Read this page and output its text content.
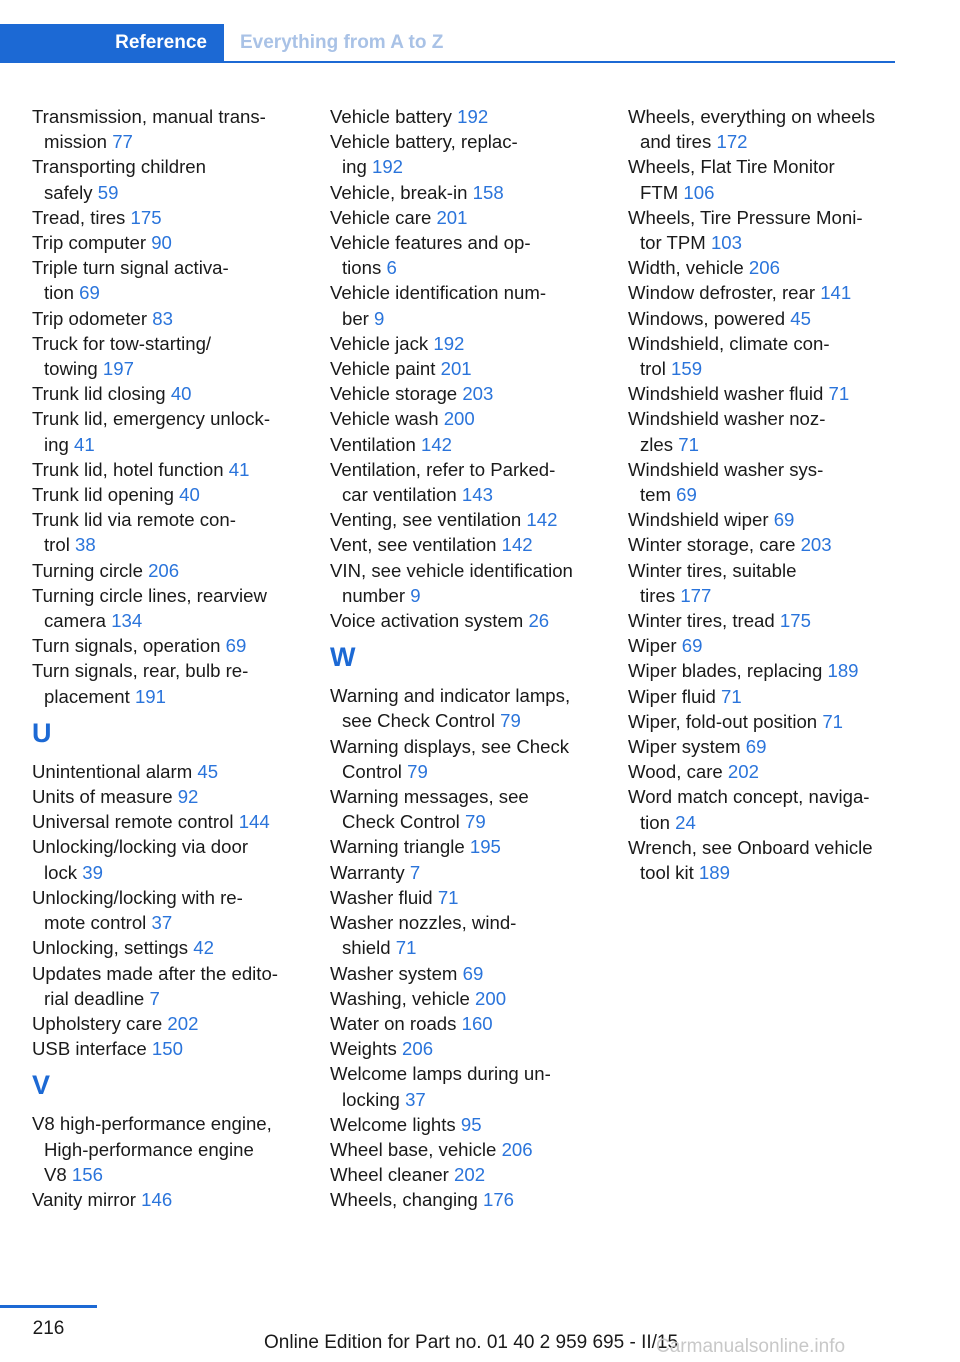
Reference Everything from A to Z
Transmission, manual trans-
mission 77
Transporting children
safely 59
Tread, tires 175
Trip computer 90
Triple turn signal activa-
tion 69
Trip odometer 83
Truck for tow-starting/
towing 197
Trunk lid closing 40
Trunk lid, emergency unlock-
ing 41
Trunk lid, hotel function 41
Trunk lid opening 40
Trunk lid via remote con-
trol 38
Turning circle 206
Turning circle lines, rearview
camera 134
Turn signals, operation 69
Turn signals, rear, bulb re-
placement 191
U
Unintentional alarm 45
Units of measure 92
Universal remote control 144
Unlocking/locking via door
lock 39
Unlocking/locking with re-
mote control 37
Unlocking, settings 42
Updates made after the edito-
rial deadline 7
Upholstery care 202
USB interface 150
V
V8 high-performance engine,
High-performance engine
V8 156
Vanity mirror 146
Vehicle battery 192
Vehicle battery, replac-
ing 192
Vehicle, break-in 158
Vehicle care 201
Vehicle features and op-
tions 6
Vehicle identification num-
ber 9
Vehicle jack 192
Vehicle paint 201
Vehicle storage 203
Vehicle wash 200
Ventilation 142
Ventilation, refer to Parked-
car ventilation 143
Venting, see ventilation 142
Vent, see ventilation 142
VIN, see vehicle identification
number 9
Voice activation system 26
W
Warning and indicator lamps,
see Check Control 79
Warning displays, see Check
Control 79
Warning messages, see
Check Control 79
Warning triangle 195
Warranty 7
Washer fluid 71
Washer nozzles, wind-
shield 71
Washer system 69
Washing, vehicle 200
Water on roads 160
Weights 206
Welcome lamps during un-
locking 37
Welcome lights 95
Wheel base, vehicle 206
Wheel cleaner 202
Wheels, changing 176
Wheels, everything on wheels
and tires 172
Wheels, Flat Tire Monitor
FTM 106
Wheels, Tire Pressure Moni-
tor TPM 103
Width, vehicle 206
Window defroster, rear 141
Windows, powered 45
Windshield, climate con-
trol 159
Windshield washer fluid 71
Windshield washer noz-
zles 71
Windshield washer sys-
tem 69
Windshield wiper 69
Winter storage, care 203
Winter tires, suitable
tires 177
Winter tires, tread 175
Wiper 69
Wiper blades, replacing 189
Wiper fluid 71
Wiper, fold-out position 71
Wiper system 69
Wood, care 202
Word match concept, naviga-
tion 24
Wrench, see Onboard vehicle
tool kit 189
216
Online Edition for Part no. 01 40 2 959 695 - II/15
Carmanualsonline.info
